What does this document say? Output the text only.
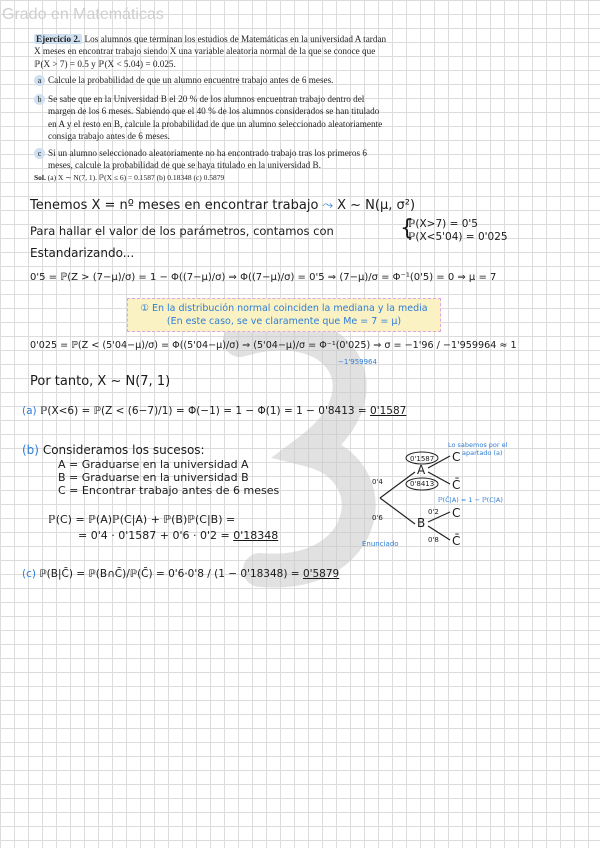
Grado en Matemáticas
Ejercicio 2. Los alumnos que terminan los estudios de Matemáticas en la universidad A tardan
X meses en encontrar trabajo siendo X una variable aleatoria normal de la que se conoce que
ℙ(X > 7) = 0.5 y ℙ(X < 5.04) = 0.025.
a Calcule la probabilidad de que un alumno encuentre trabajo antes de 6 meses.
b Se sabe que en la Universidad B el 20 % de los alumnos encuentran trabajo dentro del
margen de los 6 meses. Sabiendo que el 40 % de los alumnos considerados se han titulado
en A y el resto en B, calcule la probabilidad de que un alumno seleccionado aleatoriamente
consiga trabajo antes de 6 meses.
c Si un alumno seleccionado aleatoriamente no ha encontrado trabajo tras los primeros 6
meses, calcule la probabilidad de que se haya titulado en la universidad B.
Sol. (a) X ∼ N(7, 1). ℙ(X ≤ 6) = 0.1587 (b) 0.18348 (c) 0.5879
Tenemos X = nº meses en encontrar trabajo ⤳ X ~ N(μ, σ²)
Para hallar el valor de los parámetros, contamos con	ℙ(X>7) = 0'5
ℙ(X<5'04) = 0'025
{
Estandarizando...
0'5 = ℙ(Z > (7−μ)/σ) = 1 − Φ((7−μ)/σ) ⇒ Φ((7−μ)/σ) = 0'5 ⇒ (7−μ)/σ = Φ⁻¹(0'5) = 0 ⇒ μ = 7
① En la distribución normal coinciden la mediana y la media
(En este caso, se ve claramente que Me = 7 = μ)
0'025 = ℙ(Z < (5'04−μ)/σ) = Φ((5'04−μ)/σ) ⇒ (5'04−μ)/σ = Φ⁻¹(0'025) ⇒ σ = −1'96 / −1'959964 ≈ 1
−1'959964
Por tanto, X ~ N(7, 1)
(a) ℙ(X<6) = ℙ(Z < (6−7)/1) = Φ(−1) = 1 − Φ(1) = 1 − 0'8413 = 0'1587
(b) Consideramos los sucesos:
A = Graduarse en la universidad A
B = Graduarse en la universidad B
C = Encontrar trabajo antes de 6 meses
ℙ(C) = ℙ(A)ℙ(C|A) + ℙ(B)ℙ(C|B) =
= 0'4 · 0'1587 + 0'6 · 0'2 = 0'18348
(c) ℙ(B|C̄) = ℙ(B∩C̄)/ℙ(C̄) = 0'6·0'8 / (1 − 0'18348) = 0'5879
0'4
0'6
0'1587
0'8413
0'2
0'8
A
B
C
C̄
C
C̄
Lo sabemos por el
apartado (a)
ℙ(C̄|A) = 1 − ℙ(C|A)
Enunciado
